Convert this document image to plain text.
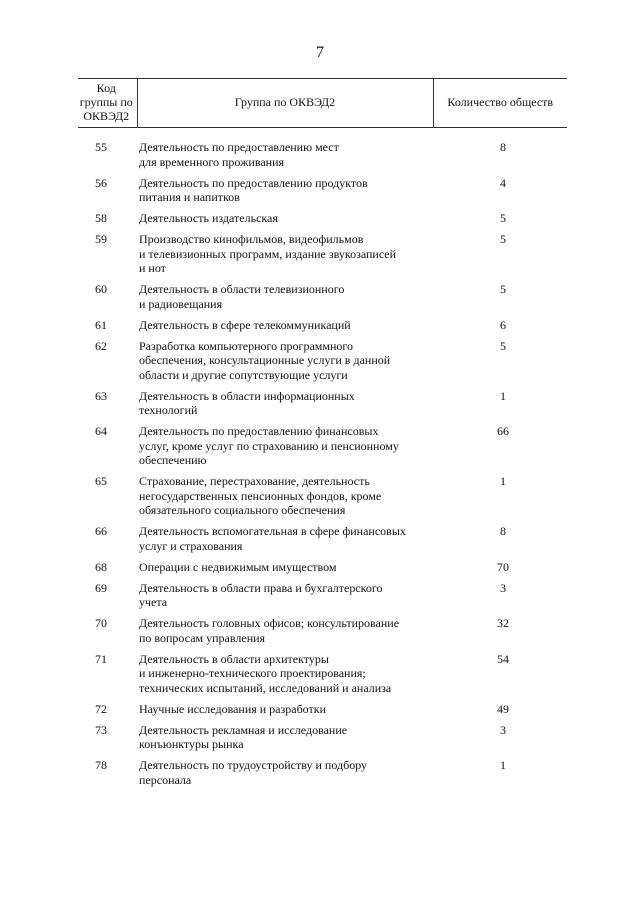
7
Код
группы по
ОКВЭД2	Группа по ОКВЭД2	Количество обществ

55	Деятельность по предоставлению мест
для временного проживания	8
56	Деятельность по предоставлению продуктов
питания и напитков	4
58	Деятельность издательская	5
59	Производство кинофильмов, видеофильмов
и телевизионных программ, издание звукозаписей
и нот	5
60	Деятельность в области телевизионного
и радиовещания	5
61	Деятельность в сфере телекоммуникаций	6
62	Разработка компьютерного программного
обеспечения, консультационные услуги в данной
области и другие сопутствующие услуги	5
63	Деятельность в области информационных
технологий	1
64	Деятельность по предоставлению финансовых
услуг, кроме услуг по страхованию и пенсионному
обеспечению	66
65	Страхование, перестрахование, деятельность
негосударственных пенсионных фондов, кроме
обязательного социального обеспечения	1
66	Деятельность вспомогательная в сфере финансовых
услуг и страхования	8
68	Операции с недвижимым имуществом	70
69	Деятельность в области права и бухгалтерского
учета	3
70	Деятельность головных офисов; консультирование
по вопросам управления	32
71	Деятельность в области архитектуры
и инженерно-технического проектирования;
технических испытаний, исследований и анализа	54
72	Научные исследования и разработки	49
73	Деятельность рекламная и исследование
конъюнктуры рынка	3
78	Деятельность по трудоустройству и подбору
персонала	1
